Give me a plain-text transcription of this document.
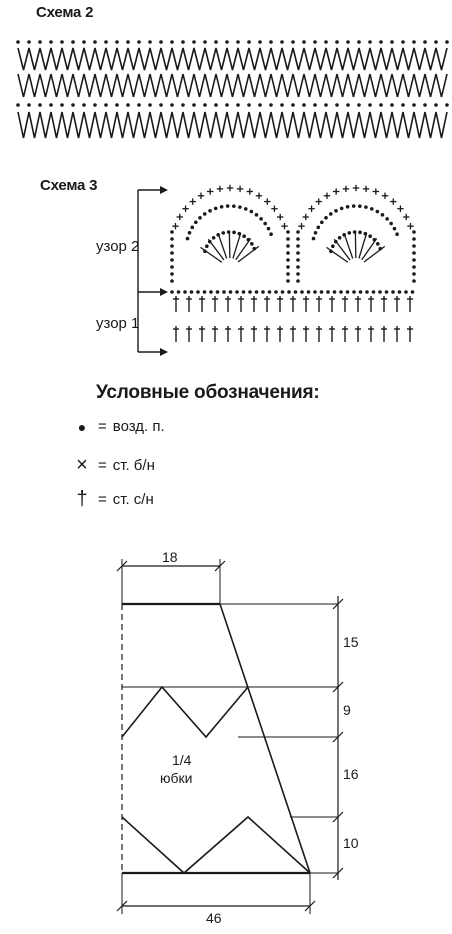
Схема 2
Схема 3
узор 2
узор 1
Условные обозначения:
● = возд. п.
× = ст. б/н
† = ст. с/н
18
15
9
16
10
46
1/4
юбки
